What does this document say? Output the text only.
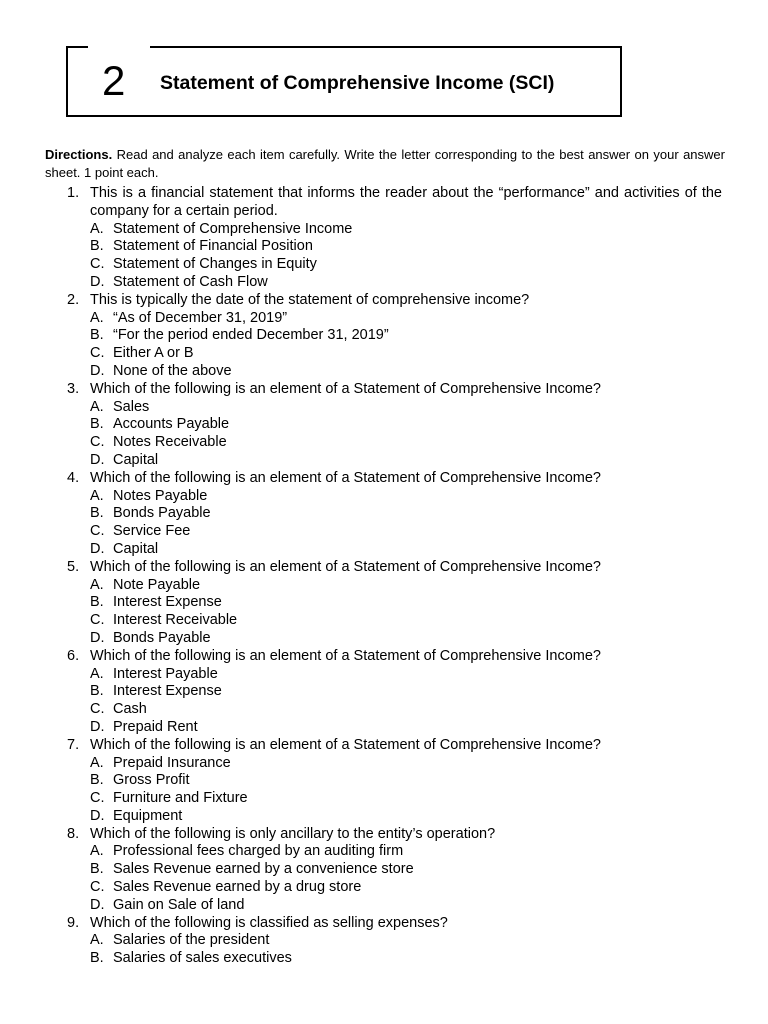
2 Statement of Comprehensive Income (SCI)
Directions. Read and analyze each item carefully. Write the letter corresponding to the best answer on your answer sheet. 1 point each.
1. This is a financial statement that informs the reader about the “performance” and activities of the company for a certain period.
A. Statement of Comprehensive Income
B. Statement of Financial Position
C. Statement of Changes in Equity
D. Statement of Cash Flow
2. This is typically the date of the statement of comprehensive income?
A. “As of December 31, 2019”
B. “For the period ended December 31, 2019”
C. Either A or B
D. None of the above
3. Which of the following is an element of a Statement of Comprehensive Income?
A. Sales
B. Accounts Payable
C. Notes Receivable
D. Capital
4. Which of the following is an element of a Statement of Comprehensive Income?
A. Notes Payable
B. Bonds Payable
C. Service Fee
D. Capital
5. Which of the following is an element of a Statement of Comprehensive Income?
A. Note Payable
B. Interest Expense
C. Interest Receivable
D. Bonds Payable
6. Which of the following is an element of a Statement of Comprehensive Income?
A. Interest Payable
B. Interest Expense
C. Cash
D. Prepaid Rent
7. Which of the following is an element of a Statement of Comprehensive Income?
A. Prepaid Insurance
B. Gross Profit
C. Furniture and Fixture
D. Equipment
8. Which of the following is only ancillary to the entity’s operation?
A. Professional fees charged by an auditing firm
B. Sales Revenue earned by a convenience store
C. Sales Revenue earned by a drug store
D. Gain on Sale of land
9. Which of the following is classified as selling expenses?
A. Salaries of the president
B. Salaries of sales executives
